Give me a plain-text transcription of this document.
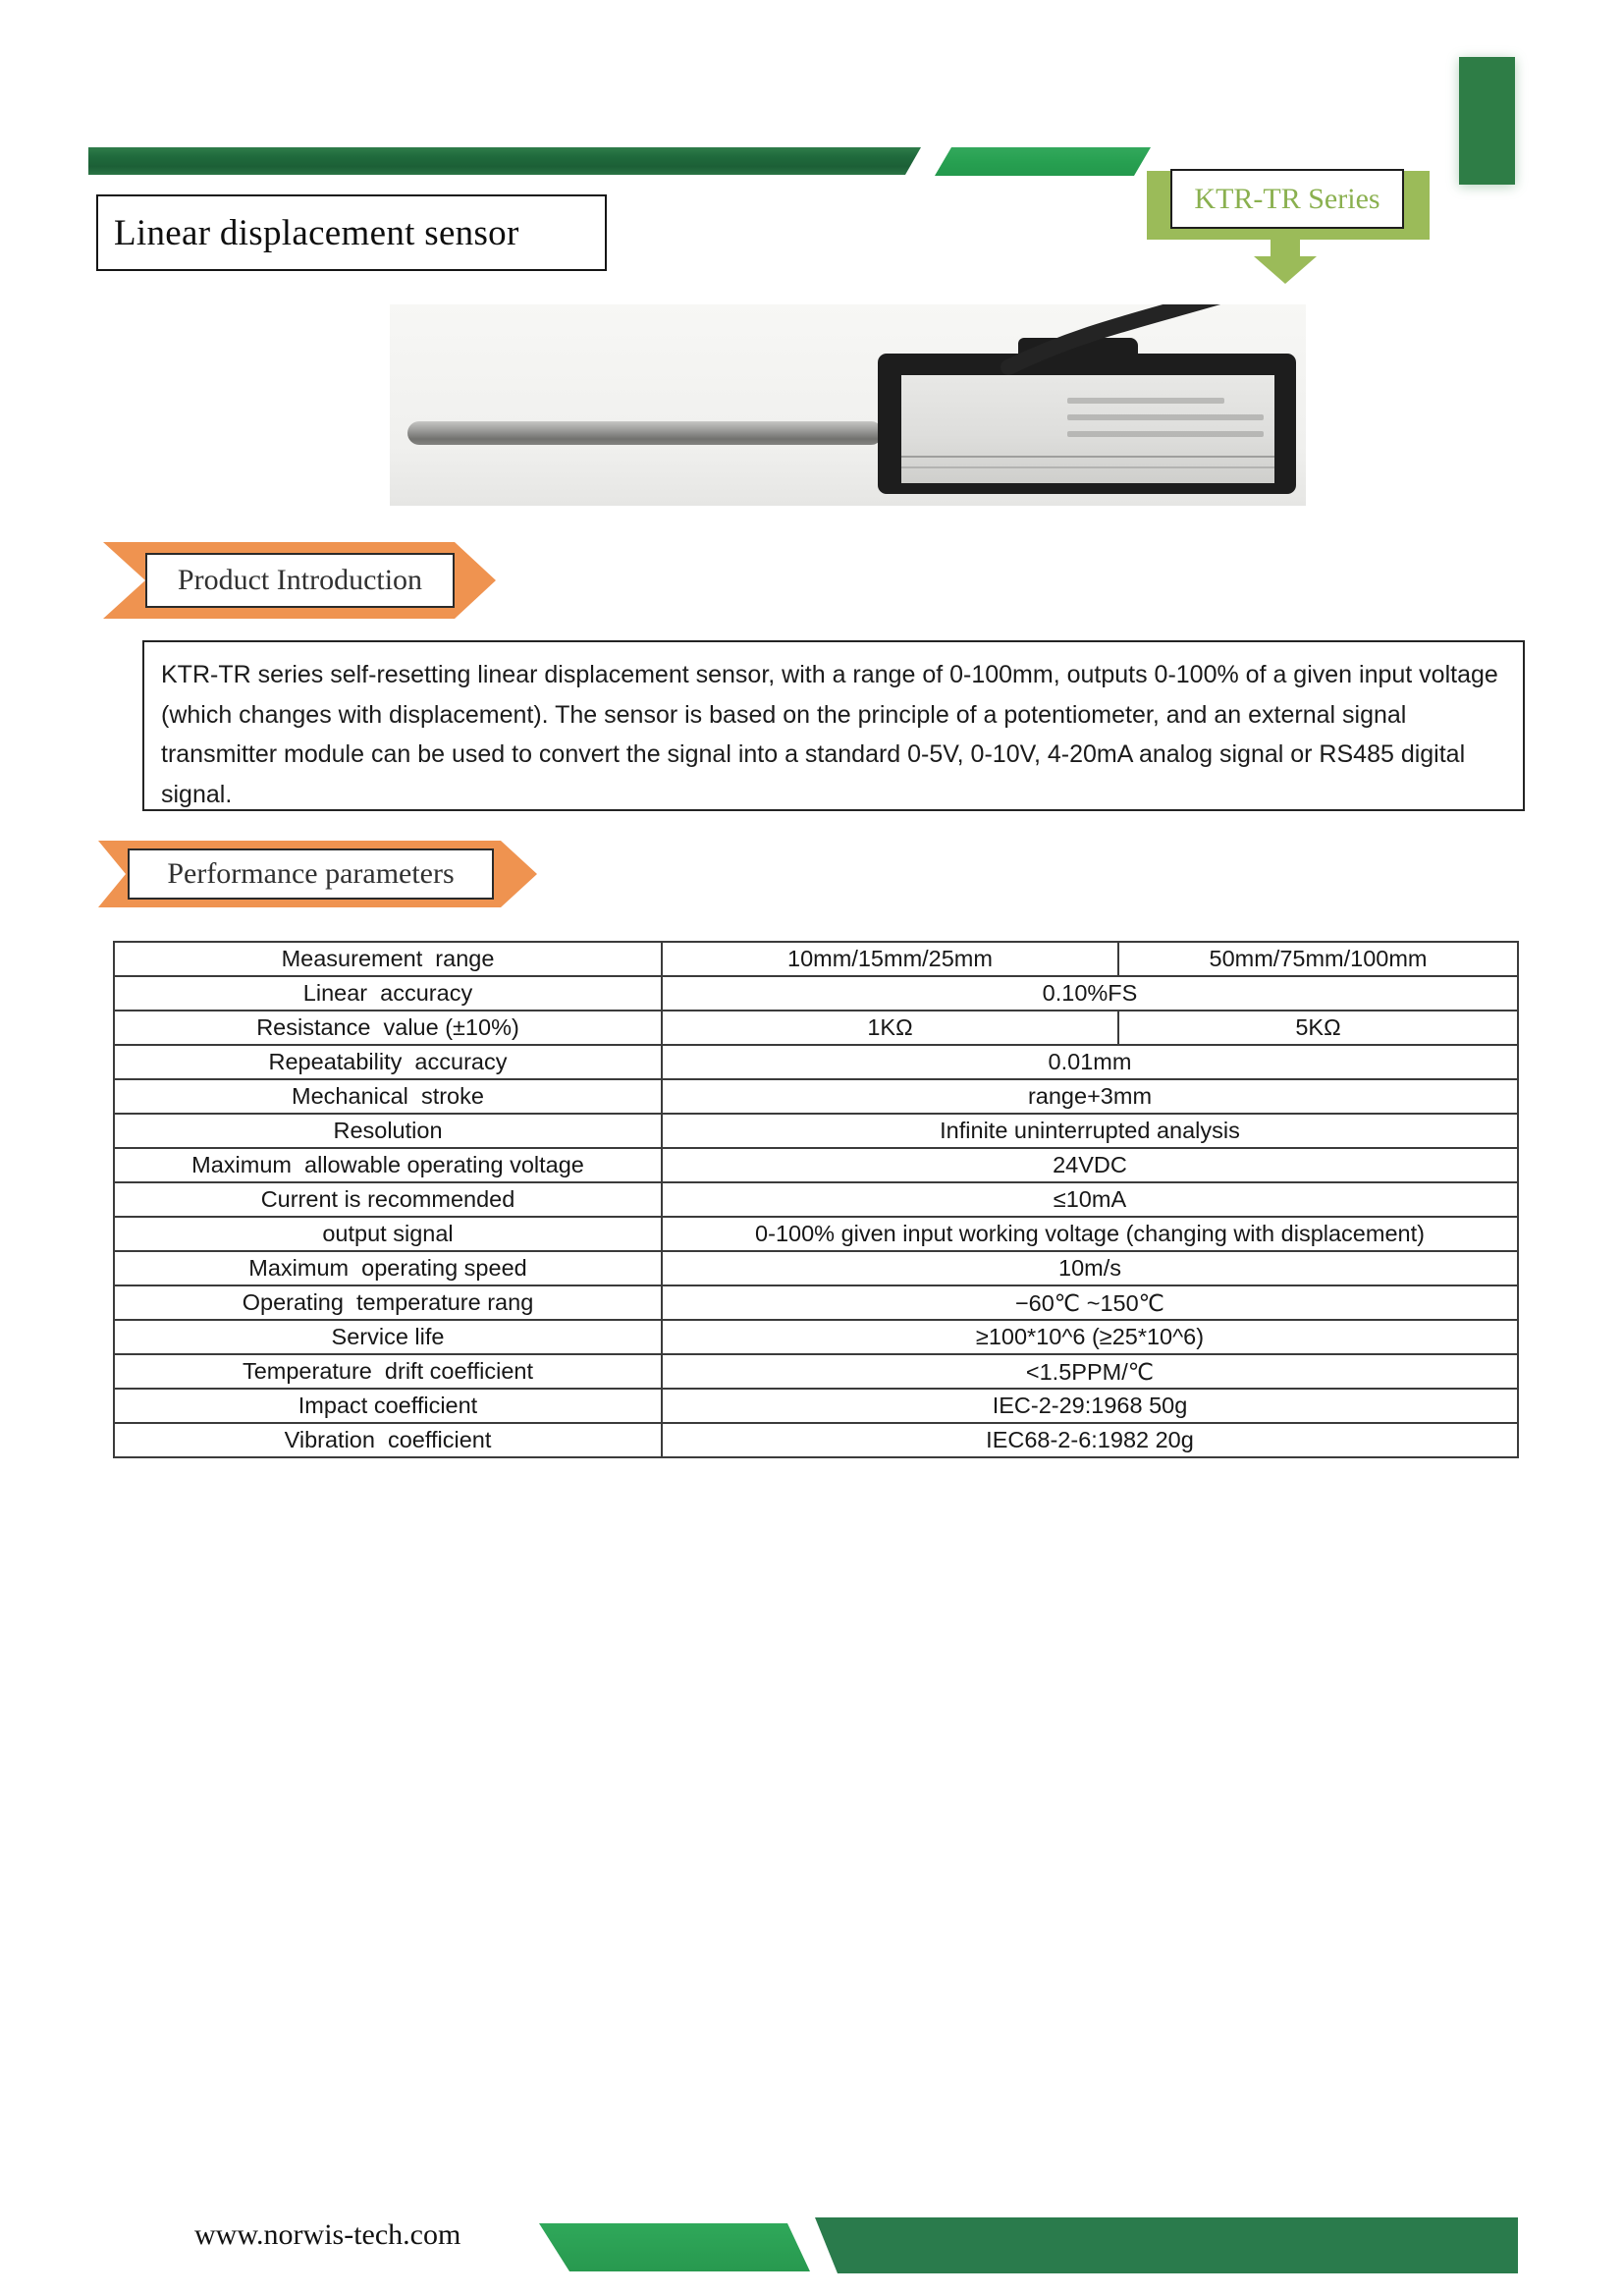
Linear displacement sensor
KTR-TR Series
Product Introduction
KTR-TR series self-resetting linear displacement sensor, with a range of 0-100mm, outputs 0-100% of a given input voltage (which changes with displacement). The sensor is based on the principle of a potentiometer, and an external signal transmitter module can be used to convert the signal into a standard 0-5V, 0-10V, 4-20mA analog signal or RS485 digital signal.
Performance parameters
Measurement  range	10mm/15mm/25mm	50mm/75mm/100mm
Linear  accuracy	0.10%FS	
Resistance  value (±10%)	1KΩ	5KΩ
Repeatability  accuracy	0.01mm	
Mechanical  stroke	range+3mm	
Resolution	Infinite uninterrupted analysis	
Maximum  allowable operating voltage	24VDC	
Current is recommended	≤10mA	
output signal	0-100% given input working voltage (changing with displacement)	
Maximum  operating speed	10m/s	
Operating  temperature rang	−60℃ ~150℃	
Service life	≥100*10^6 (≥25*10^6)	
Temperature  drift coefficient	<1.5PPM/℃	
Impact coefficient	IEC-2-29:1968 50g	
Vibration  coefficient	IEC68-2-6:1982 20g	
www.norwis-tech.com
